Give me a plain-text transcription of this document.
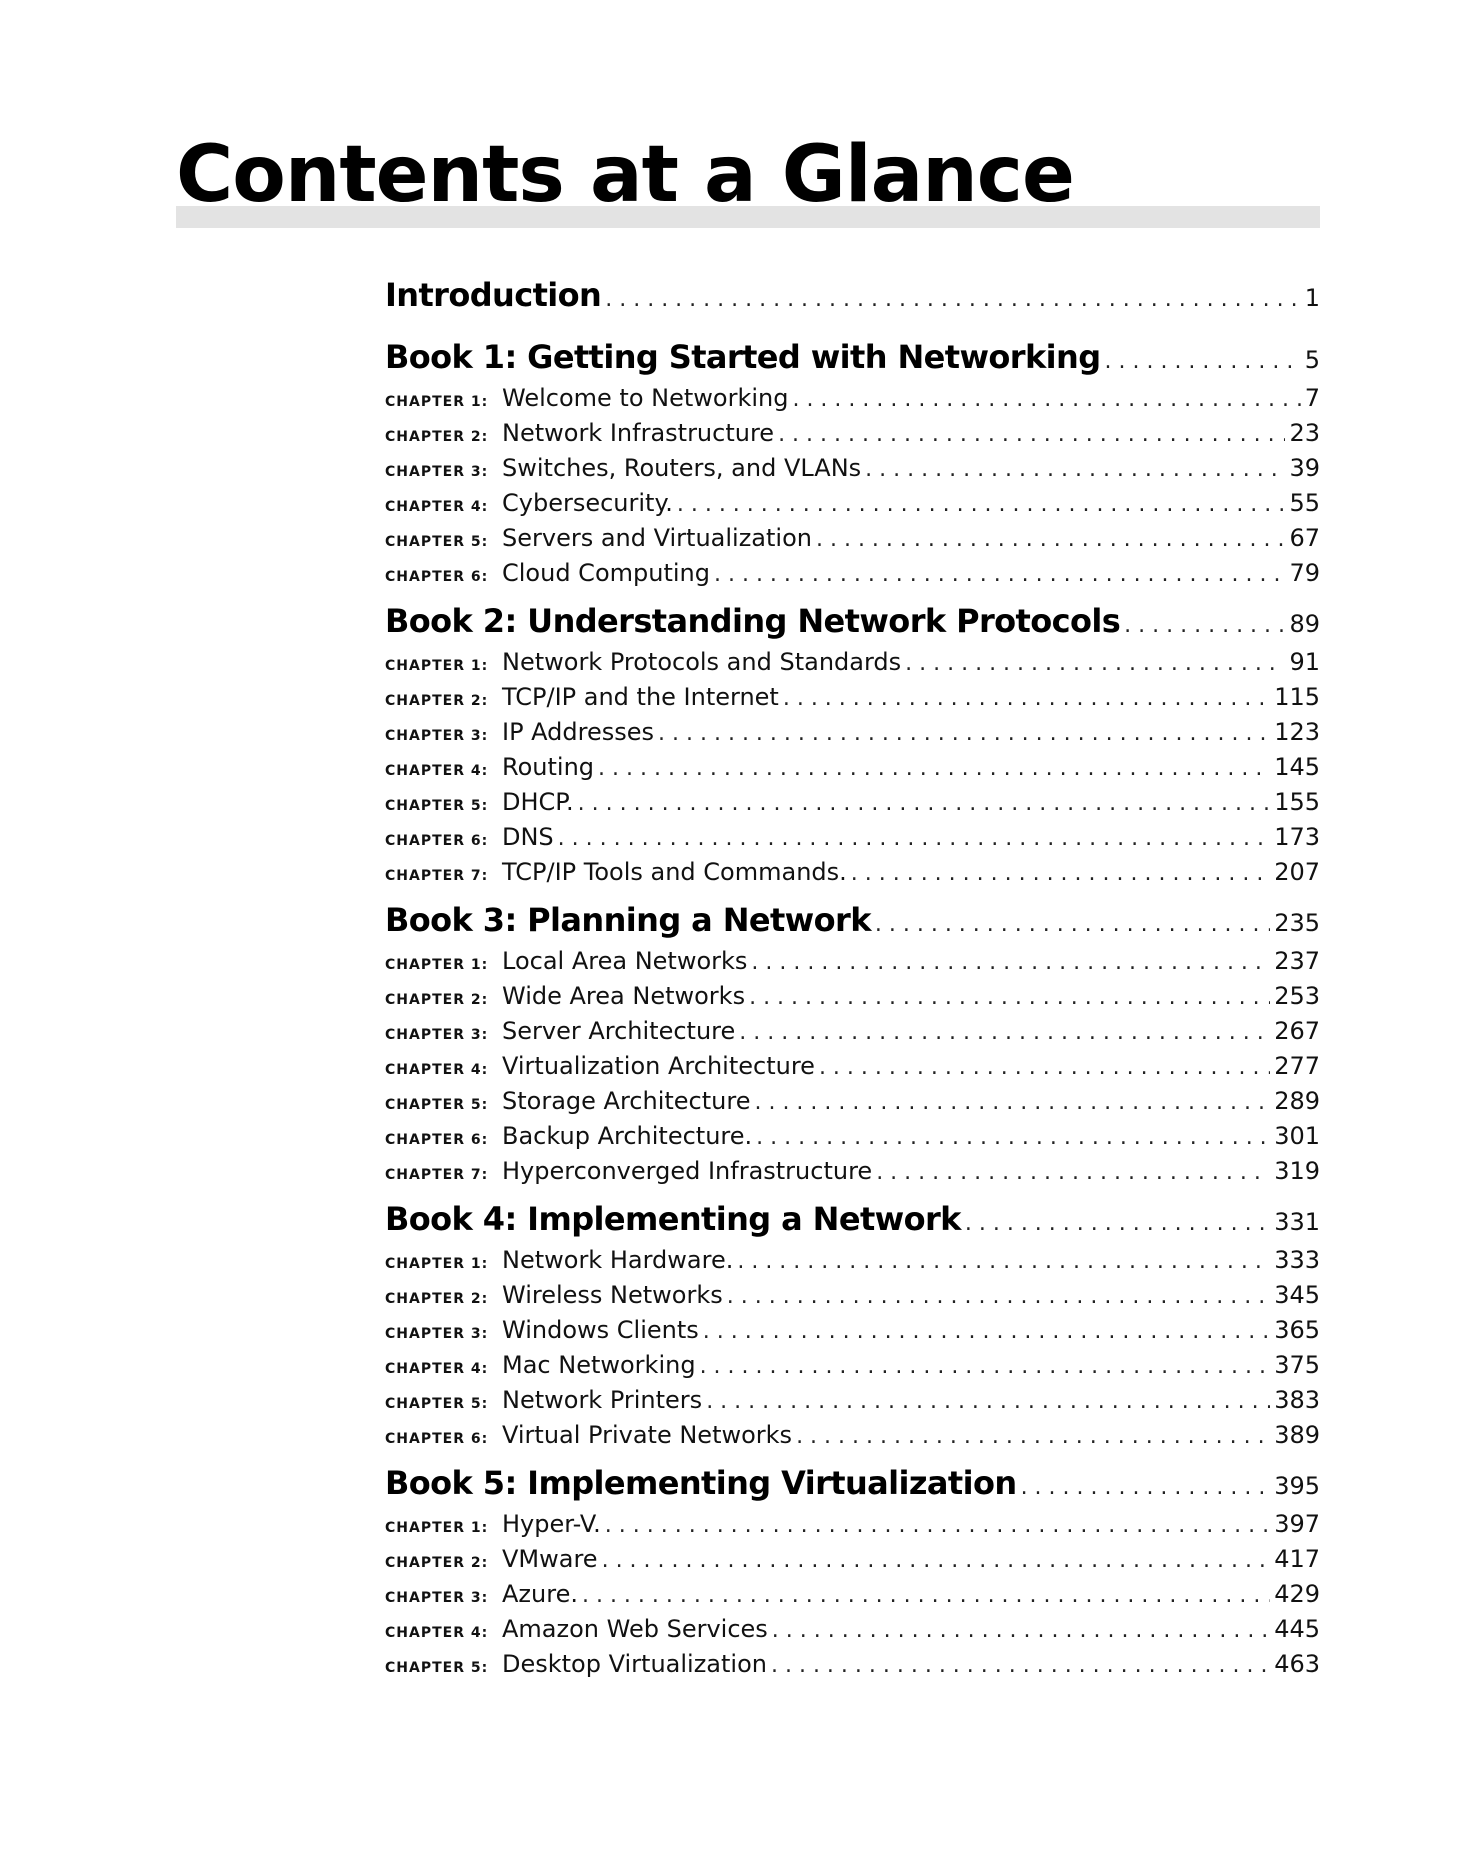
Contents at a Glance
Introduction . . .	1
Book 1: Getting Started with Networking . . .	5
CHAPTER 1: Welcome to Networking . . .	7
CHAPTER 2: Network Infrastructure . . .	23
CHAPTER 3: Switches, Routers, and VLANs . . .	39
CHAPTER 4: Cybersecurity. . . .	55
CHAPTER 5: Servers and Virtualization . . .	67
CHAPTER 6: Cloud Computing . . .	79
Book 2: Understanding Network Protocols . . .	89
CHAPTER 1: Network Protocols and Standards . . .	91
CHAPTER 2: TCP/IP and the Internet . . .	115
CHAPTER 3: IP Addresses . . .	123
CHAPTER 4: Routing . . .	145
CHAPTER 5: DHCP. . . .	155
CHAPTER 6: DNS . . .	173
CHAPTER 7: TCP/IP Tools and Commands. . . .	207
Book 3: Planning a Network . . .	235
CHAPTER 1: Local Area Networks . . .	237
CHAPTER 2: Wide Area Networks . . .	253
CHAPTER 3: Server Architecture . . .	267
CHAPTER 4: Virtualization Architecture . . .	277
CHAPTER 5: Storage Architecture . . .	289
CHAPTER 6: Backup Architecture. . . .	301
CHAPTER 7: Hyperconverged Infrastructure . . .	319
Book 4: Implementing a Network . . .	331
CHAPTER 1: Network Hardware. . . .	333
CHAPTER 2: Wireless Networks . . .	345
CHAPTER 3: Windows Clients . . .	365
CHAPTER 4: Mac Networking . . .	375
CHAPTER 5: Network Printers . . .	383
CHAPTER 6: Virtual Private Networks . . .	389
Book 5: Implementing Virtualization . . .	395
CHAPTER 1: Hyper-V. . . .	397
CHAPTER 2: VMware . . .	417
CHAPTER 3: Azure. . . .	429
CHAPTER 4: Amazon Web Services . . .	445
CHAPTER 5: Desktop Virtualization . . .	463
